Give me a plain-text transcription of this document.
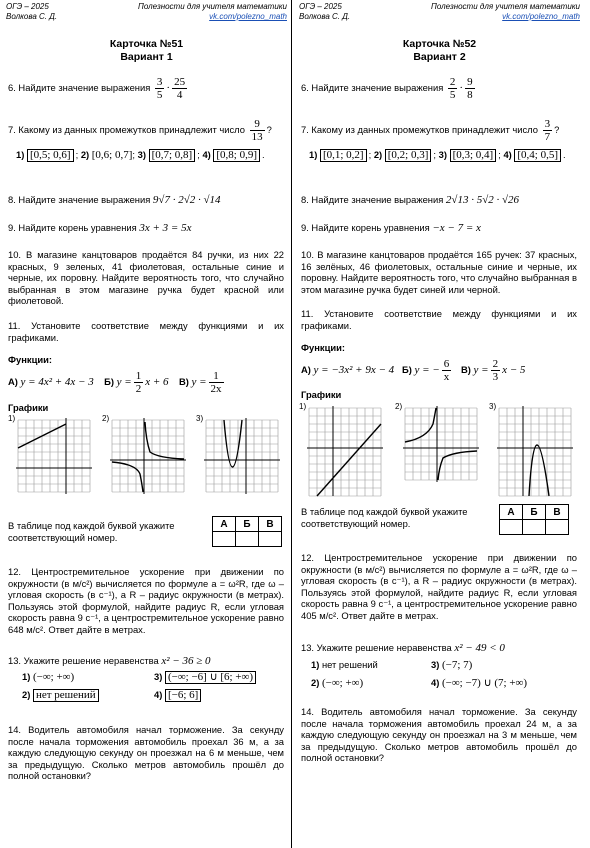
ОГЭ – 2025
Волкова С. Д.
Полезности для учителя математики
vk.com/polezno_math
Карточка №51
Вариант 1
6. Найдите значение выражения $\frac{3}{5} \cdot \frac{25}{4}$
7. Какому из данных промежутков принадлежит число $\frac{9}{13}$ ?
1) [0,5; 0,6] ; 2) [0,6; 0,7]; 3) [0,7; 0,8] ; 4) [0,8; 0,9] .
8. Найдите значение выражения 9√7 · 2√2 · √14
9. Найдите корень уравнения 3x + 3 = 5x
10. В магазине канцтоваров продаётся 84 ручки, из них 22 красных, 9 зеленых, 41 фиолетовая, остальные синие и черные, их поровну. Найдите вероятность того, что случайно выбранная в этом магазине ручка будет красной или фиолетовой.
11. Установите соответствие между функциями и их графиками.
Функции:
А) y = 4x² + 4x − 3 Б) $y = \frac{1}{2}$ x + 6 В) $y = \frac{1}{2x}$
Графики
1)	2)	3)
В таблице под каждой буквой укажите соответствующий номер.
А	Б	В

12. Центростремительное ускорение при движении по окружности (в м/с²) вычисляется по формуле a = ω²R, где ω – угловая скорость (в с⁻¹), а R – радиус окружности (в метрах). Пользуясь этой формулой, найдите радиус R, если угловая скорость равна 9 с⁻¹, а центростремительное ускорение равно 648 м/с². Ответ дайте в метрах.
13. Укажите решение неравенства x² − 36 ≥ 0
1) (−∞; +∞)	3) (−∞; −6] ∪ [6; +∞)
2) нет решений	4) [−6; 6]
14. Водитель автомобиля начал торможение. За секунду после начала торможения автомобиль проехал 36 м, а за каждую следующую секунду он проезжал на 6 м меньше, чем за предыдущую. Сколько метров автомобиль прошёл до полной остановки?
ОГЭ – 2025
Волкова С. Д.
Полезности для учителя математики
vk.com/polezno_math
Карточка №52
Вариант 2
6. Найдите значение выражения $\frac{2}{5} \cdot \frac{9}{8}$
7. Какому из данных промежутков принадлежит число $\frac{3}{7}$ ?
1) [0,1; 0,2] ; 2) [0,2; 0,3] ; 3) [0,3; 0,4] ; 4) [0,4; 0,5] .
8. Найдите значение выражения 2√13 · 5√2 · √26
9. Найдите корень уравнения −x − 7 = x
10. В магазине канцтоваров продаётся 165 ручек: 37 красных, 16 зелёных, 46 фиолетовых, остальные синие и черные, их поровну. Найдите вероятность того, что случайно выбранная в этом магазине ручка будет синей или черной.
11. Установите соответствие между функциями и их графиками.
Функции:
А) y = −3x² + 9x − 4 Б) y = − $\frac{6}{x} В$) $y = \frac{2}{3}$ x − 5
Графики
1)	2)	3)
В таблице под каждой буквой укажите соответствующий номер.
А	Б	В

12. Центростремительное ускорение при движении по окружности (в м/с²) вычисляется по формуле a = ω²R, где ω – угловая скорость (в с⁻¹), а R – радиус окружности (в метрах). Пользуясь этой формулой, найдите радиус R, если угловая скорость равна 9 с⁻¹, а центростремительное ускорение равно 405 м/с². Ответ дайте в метрах.
13. Укажите решение неравенства x² − 49 < 0
1) нет решений	3) (−7; 7)
2) (−∞; +∞)	4) (−∞; −7) ∪ (7; +∞)
14. Водитель автомобиля начал торможение. За секунду после начала торможения автомобиль проехал 24 м, а за каждую следующую секунду он проезжал на 3 м меньше, чем за предыдущую. Сколько метров автомобиль прошёл до полной остановки?
